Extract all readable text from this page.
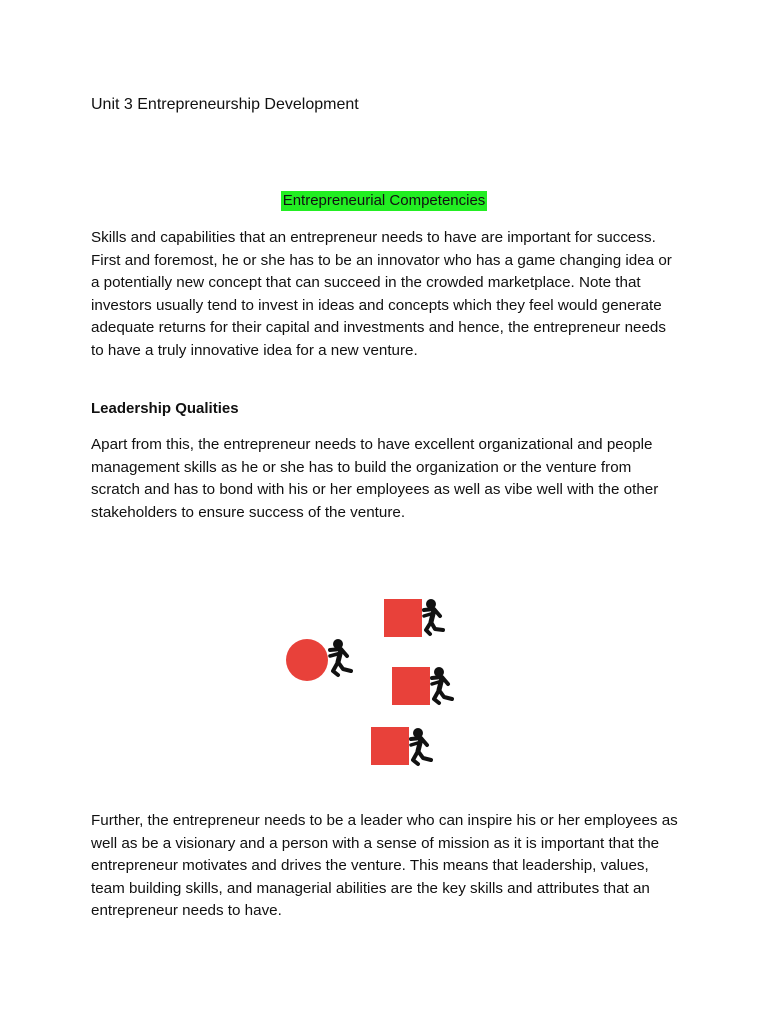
Unit 3 Entrepreneurship Development
Entrepreneurial Competencies

Skills and capabilities that an entrepreneur needs to have are important for success. First and foremost, he or she has to be an innovator who has a game changing idea or a potentially new concept that can succeed in the crowded marketplace. Note that investors usually tend to invest in ideas and concepts which they feel would generate adequate returns for their capital and investments and hence, the entrepreneur needs to have a truly innovative idea for a new venture.

Leadership Qualities

Apart from this, the entrepreneur needs to have excellent organizational and people management skills as he or she has to build the organization or the venture from scratch and has to bond with his or her employees as well as vibe well with the other stakeholders to ensure success of the venture.

Further, the entrepreneur needs to be a leader who can inspire his or her employees as well as be a visionary and a person with a sense of mission as it is important that the entrepreneur motivates and drives the venture. This means that leadership, values, team building skills, and managerial abilities are the key skills and attributes that an entrepreneur needs to have.
